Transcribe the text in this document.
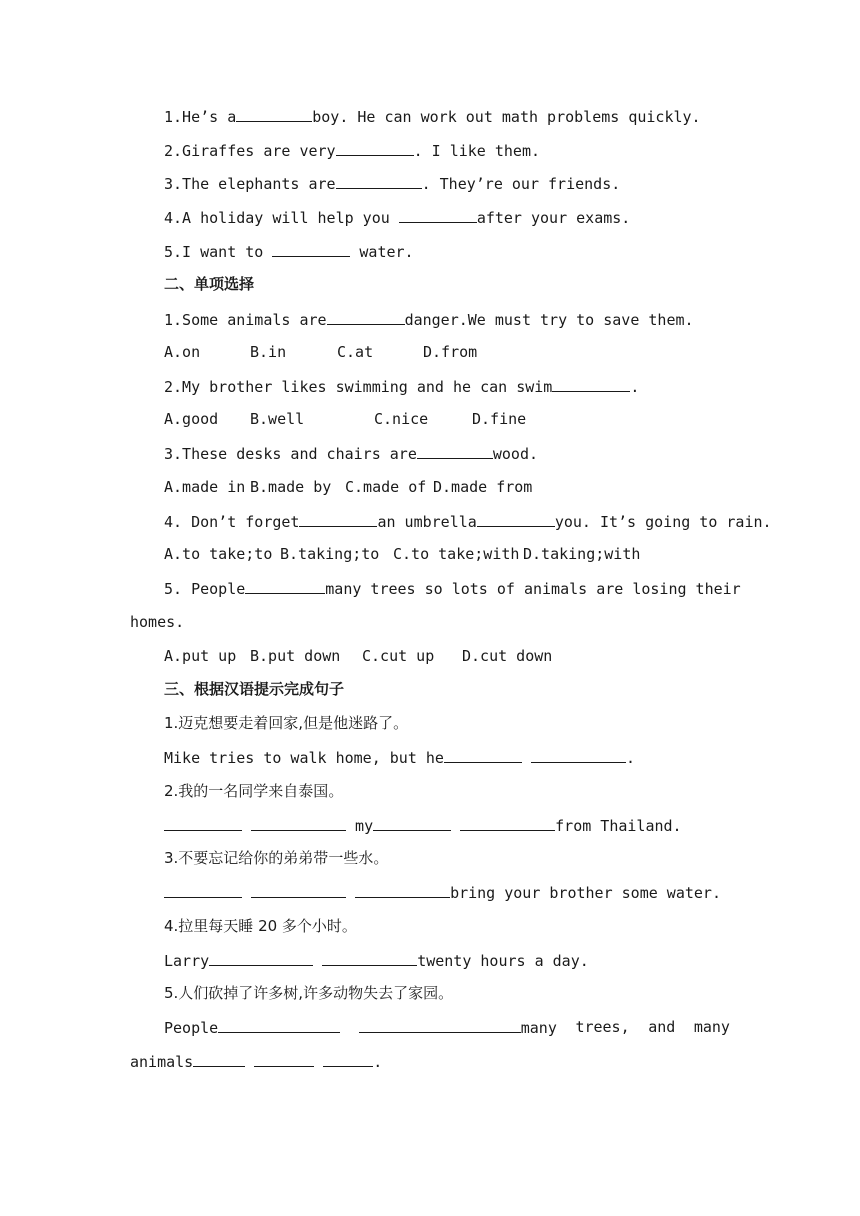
1.He’s a	boy. He can work out math problems quickly.
2.Giraffes are very	. I like them.
3.The elephants are	. They’re our friends.
4.A holiday will help you	after your exams.
5.I want to	water.
二、单项选择
1.Some animals are	danger.We must try to save them.
A.on	B.in	C.at	D.from
2.My brother likes swimming and he can swim	.
A.good B.well	C.nice	D.fine
3.These desks and chairs are	wood.
A.made in B.made by C.made of D.made from
4. Don’t forget	an umbrella	you. It’s going to rain.
A.to take;to B.taking;to C.to take;with D.taking;with
5. People	many trees so lots of animals are losing their
homes.
A.put up B.put down C.cut up D.cut down
三、根据汉语提示完成句子
1.迈克想要走着回家,但是他迷路了。
Mike tries to walk home, but he	.
2.我的一名同学来自泰国。
my	from Thailand.
3.不要忘记给你的弟弟带一些水。
bring your brother some water.
4.拉里每天睡 20 多个小时。
Larry	twenty hours a day.
5.人们砍掉了许多树,许多动物失去了家园。
People	many trees, and many
animals	.
